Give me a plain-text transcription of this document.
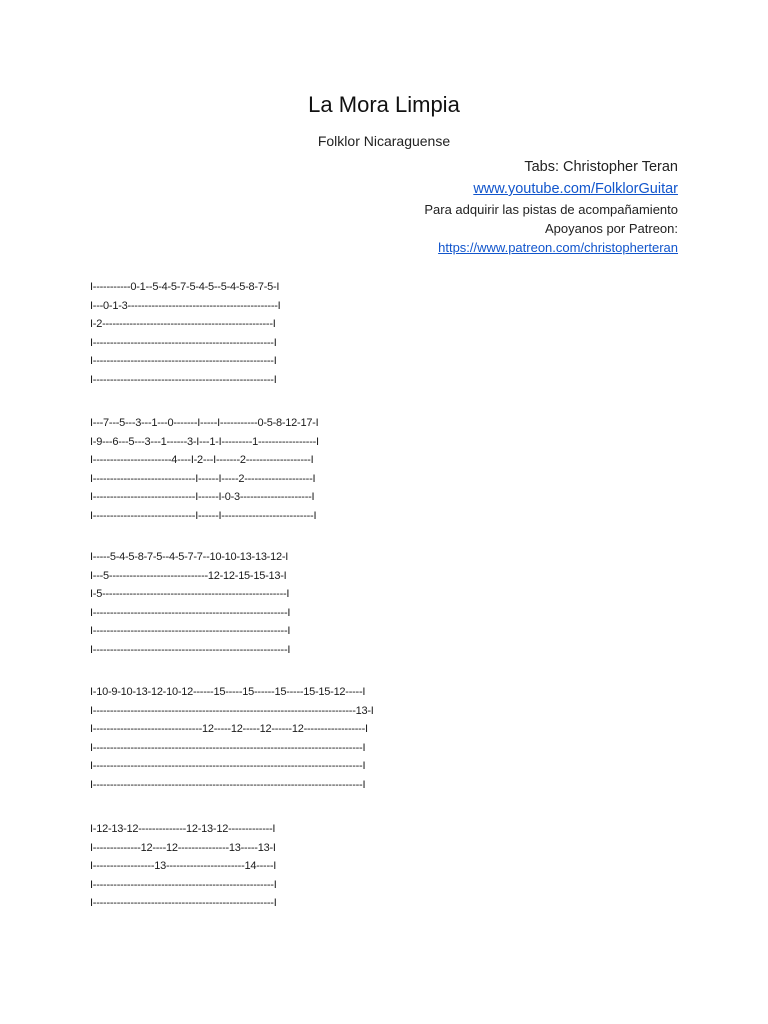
La Mora Limpia
Folklor Nicaraguense
Tabs: Christopher Teran
www.youtube.com/FolklorGuitar
Para adquirir las pistas de acompañamiento
Apoyanos por Patreon:
https://www.patreon.com/christopherteran
I-----------0-1--5-4-5-7-5-4-5--5-4-5-8-7-5-I
I---0-1-3--------------------------------------------I
I-2--------------------------------------------------I
I-----------------------------------------------------I
I-----------------------------------------------------I
I-----------------------------------------------------I
I---7---5---3---1---0-------I-----I-----------0-5-8-12-17-I
I-9---6---5---3---1------3-I---1-I---------1-----------------I
I-----------------------4----I-2---I-------2-------------------I
I------------------------------I------I-----2--------------------I
I------------------------------I------I-0-3---------------------I
I------------------------------I------I---------------------------I
I-----5-4-5-8-7-5--4-5-7-7--10-10-13-13-12-I
I---5-----------------------------12-12-15-15-13-I
I-5------------------------------------------------------I
I---------------------------------------------------------I
I---------------------------------------------------------I
I---------------------------------------------------------I
I-10-9-10-13-12-10-12------15-----15------15-----15-15-12-----I
I-----------------------------------------------------------------------------13-I
I--------------------------------12-----12-----12------12------------------I
I-------------------------------------------------------------------------------I
I-------------------------------------------------------------------------------I
I-------------------------------------------------------------------------------I
I-12-13-12--------------12-13-12-------------I
I--------------12----12---------------13-----13-I
I------------------13-----------------------14-----I
I-----------------------------------------------------I
I-----------------------------------------------------I
